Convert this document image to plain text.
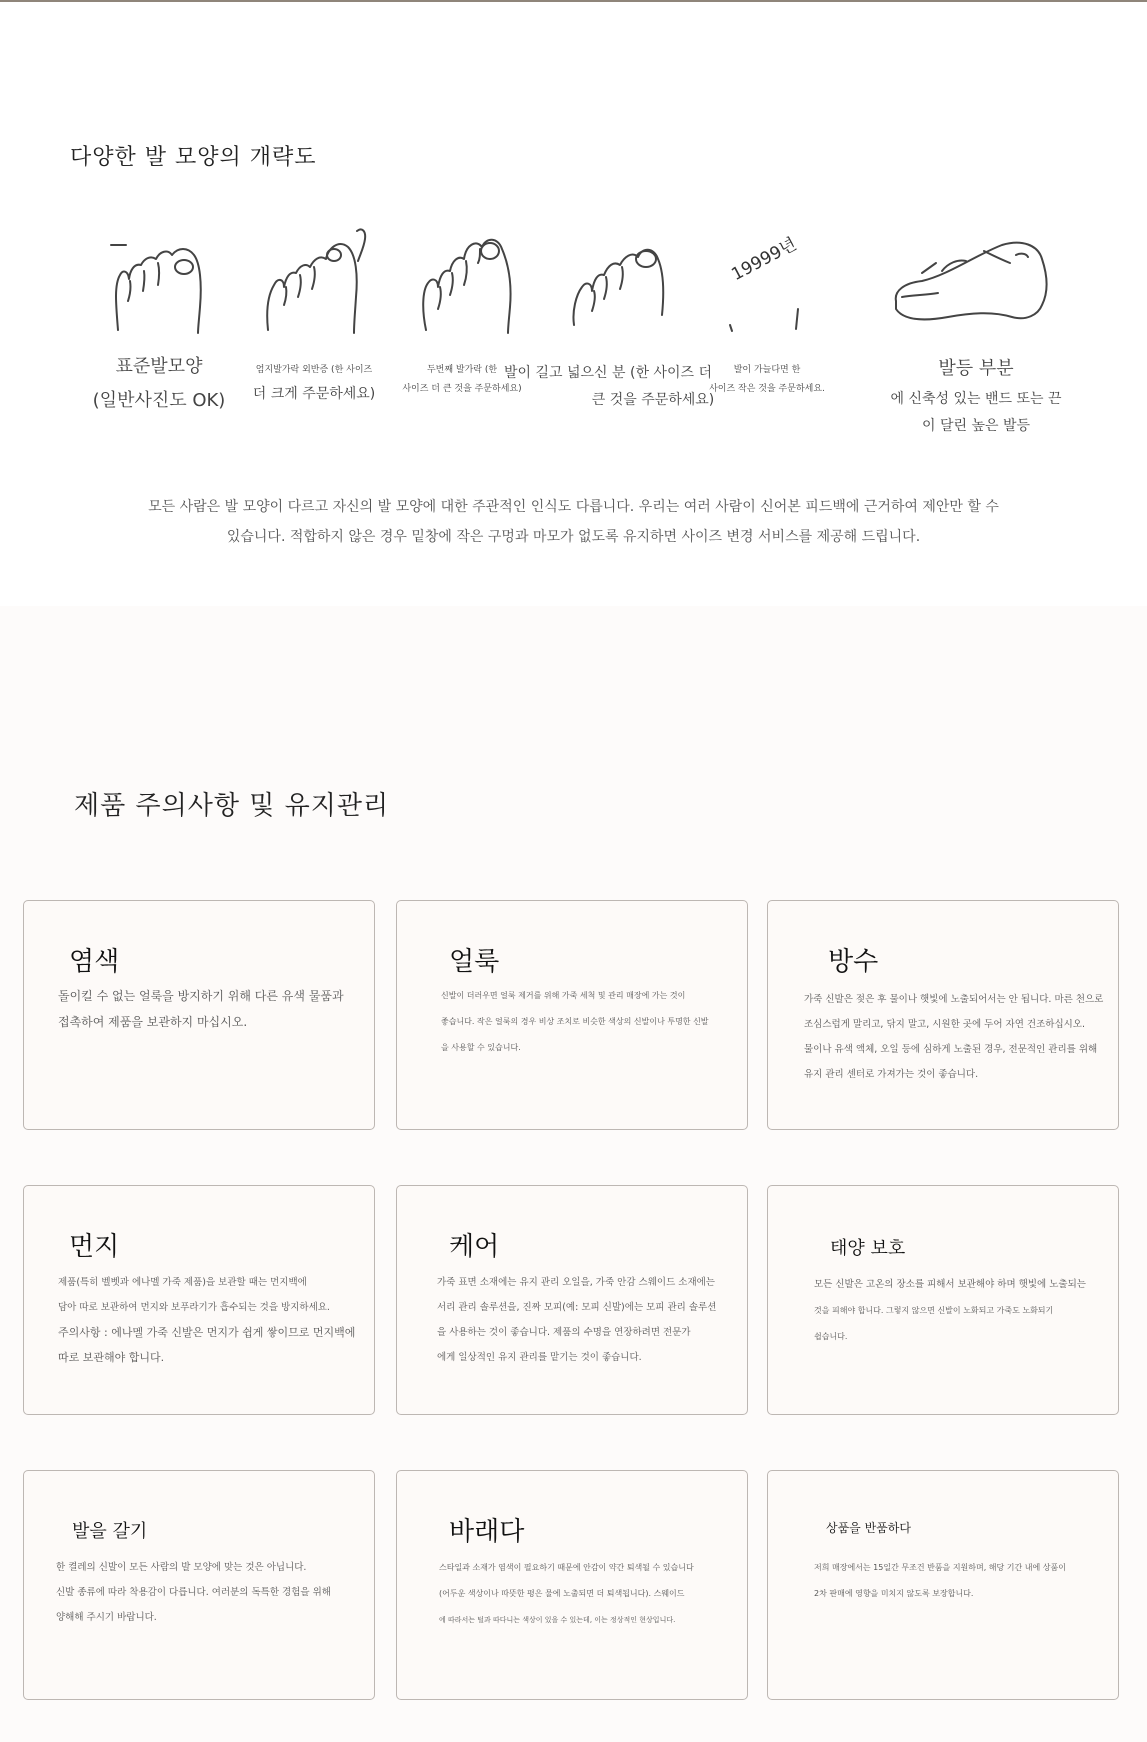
다양한 발 모양의 개략도
19999년
표준발모양
(일반사진도 OK)
엄지발가락 외반증 (한 사이즈
더 크게 주문하세요)
두번째 발가락 (한
사이즈 더 큰 것을 주문하세요)
발이 길고 넓으신 분 (한 사이즈 더
큰 것을 주문하세요)
발이 가늘다면 한
사이즈 작은 것을 주문하세요.
발등 부분
에 신축성 있는 밴드 또는 끈
이 달린 높은 발등
모든 사람은 발 모양이 다르고 자신의 발 모양에 대한 주관적인 인식도 다릅니다. 우리는 여러 사람이 신어본 피드백에 근거하여 제안만 할 수
있습니다. 적합하지 않은 경우 밑창에 작은 구멍과 마모가 없도록 유지하면 사이즈 변경 서비스를 제공해 드립니다.
제품 주의사항 및 유지관리
염색
돌이킬 수 없는 얼룩을 방지하기 위해 다른 유색 물품과
접촉하여 제품을 보관하지 마십시오.
얼룩
신발이 더러우면 얼룩 제거를 위해 가죽 세척 및 관리 매장에 가는 것이
좋습니다. 작은 얼룩의 경우 비상 조치로 비슷한 색상의 신발이나 투명한 신발
을 사용할 수 있습니다.
방수
가죽 신발은 젖은 후 물이나 햇빛에 노출되어서는 안 됩니다. 마른 천으로
조심스럽게 말리고, 닦지 말고, 시원한 곳에 두어 자연 건조하십시오.
물이나 유색 액체, 오일 등에 심하게 노출된 경우, 전문적인 관리를 위해
유지 관리 센터로 가져가는 것이 좋습니다.
먼지
제품(특히 벨벳과 에나멜 가죽 제품)을 보관할 때는 먼지백에
담아 따로 보관하여 먼지와 보푸라기가 흡수되는 것을 방지하세요.
주의사항 : 에나멜 가죽 신발은 먼지가 쉽게 쌓이므로 먼지백에
따로 보관해야 합니다.
케어
가죽 표면 소재에는 유지 관리 오일을, 가죽 안감 스웨이드 소재에는
서리 관리 솔루션을, 진짜 모피(예: 모피 신발)에는 모피 관리 솔루션
을 사용하는 것이 좋습니다. 제품의 수명을 연장하려면 전문가
에게 일상적인 유지 관리를 맡기는 것이 좋습니다.
태양 보호
모든 신발은 고온의 장소를 피해서 보관해야 하며 햇빛에 노출되는
것을 피해야 합니다. 그렇지 않으면 신발이 노화되고 가죽도 노화되기
쉽습니다.
발을 갈기
한 켤레의 신발이 모든 사람의 발 모양에 맞는 것은 아닙니다.
신발 종류에 따라 착용감이 다릅니다. 여러분의 독특한 경험을 위해
양해해 주시기 바랍니다.
바래다
스타일과 소재가 염색이 필요하기 때문에 안감이 약간 퇴색될 수 있습니다
(어두운 색상이나 따뜻한 평은 물에 노출되면 더 퇴색됩니다). 스웨이드
에 따라서는 털과 따다니는 색상이 있을 수 있는데, 이는 정상적인 현상입니다.
상품을 반품하다
저희 매장에서는 15일간 무조건 반품을 지원하며, 해당 기간 내에 상품이
2차 판매에 영향을 미치지 않도록 보장합니다.
